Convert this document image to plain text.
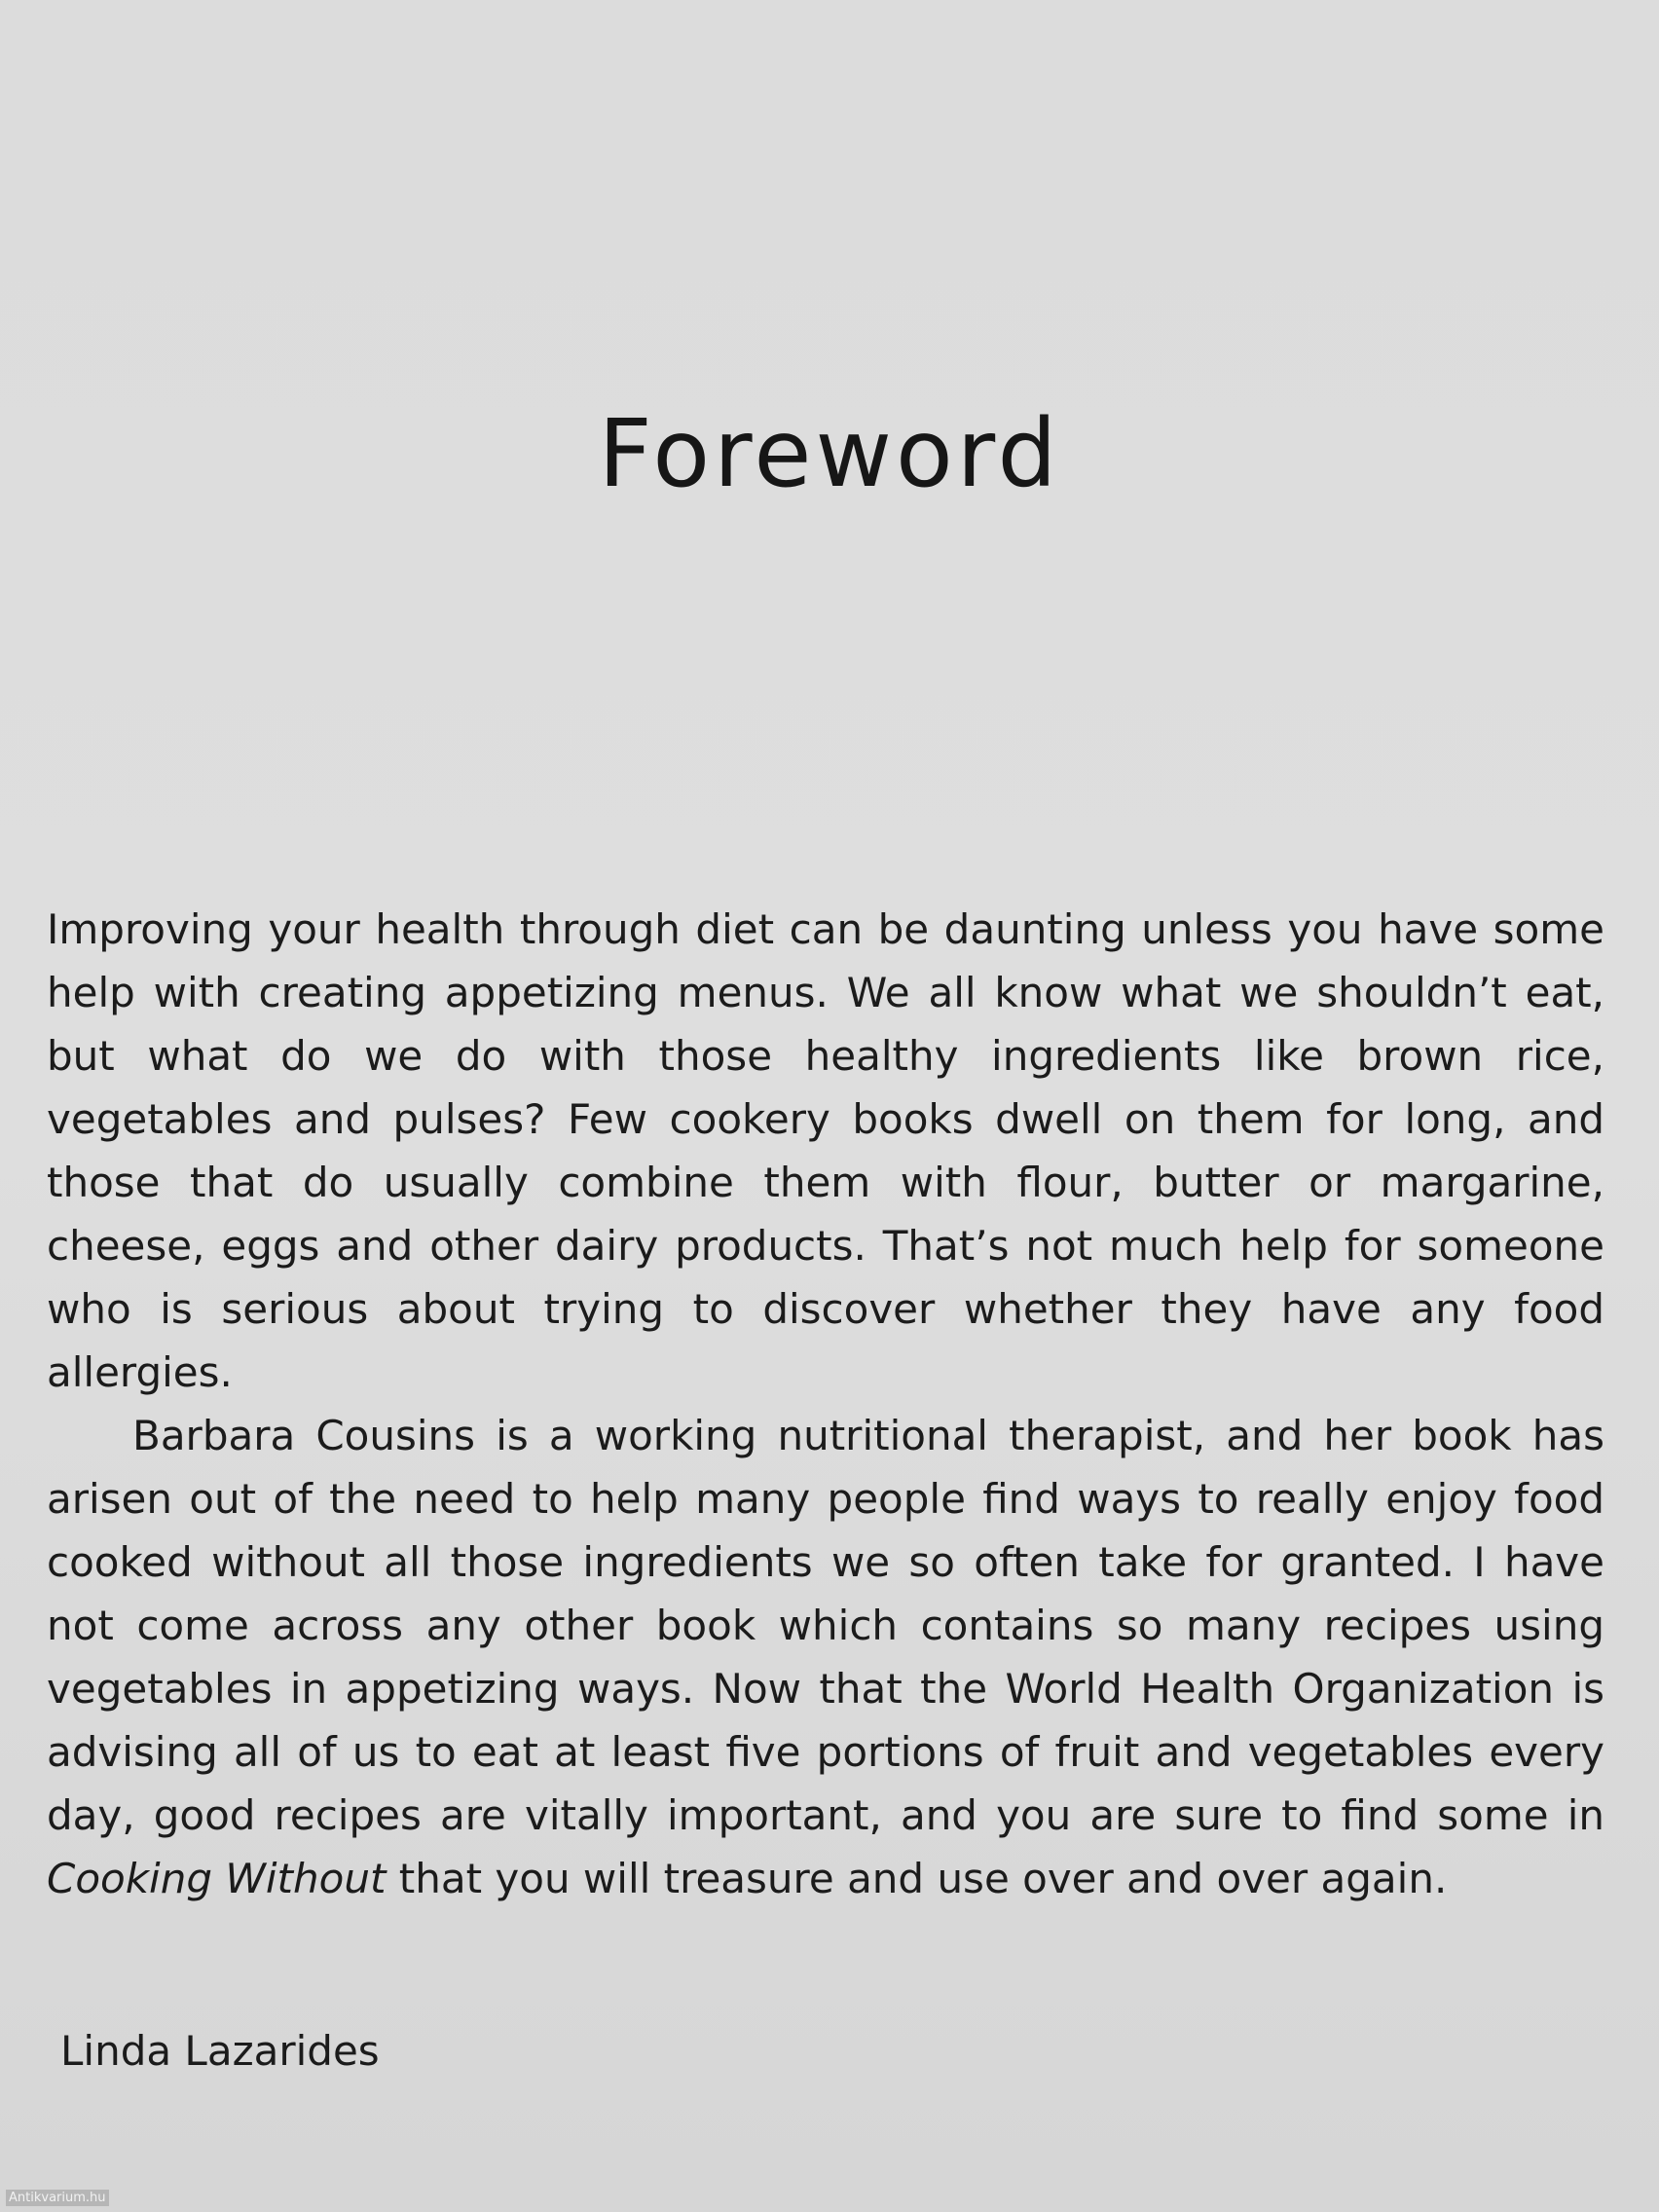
Foreword

Improving your health through diet can be daunting unless you have some help with creating appetizing menus. We all know what we shouldn’t eat, but what do we do with those healthy ingredients like brown rice, vegetables and pulses? Few cookery books dwell on them for long, and those that do usually combine them with flour, butter or margarine, cheese, eggs and other dairy products. That’s not much help for someone who is serious about trying to discover whether they have any food allergies.

Barbara Cousins is a working nutritional therapist, and her book has arisen out of the need to help many people find ways to really enjoy food cooked without all those ingredients we so often take for granted. I have not come across any other book which contains so many recipes using vegetables in appetizing ways. Now that the World Health Organization is advising all of us to eat at least five portions of fruit and vegetables every day, good recipes are vitally important, and you are sure to find some in Cooking Without that you will treasure and use over and over again.

Linda Lazarides

Antikvarium.hu
